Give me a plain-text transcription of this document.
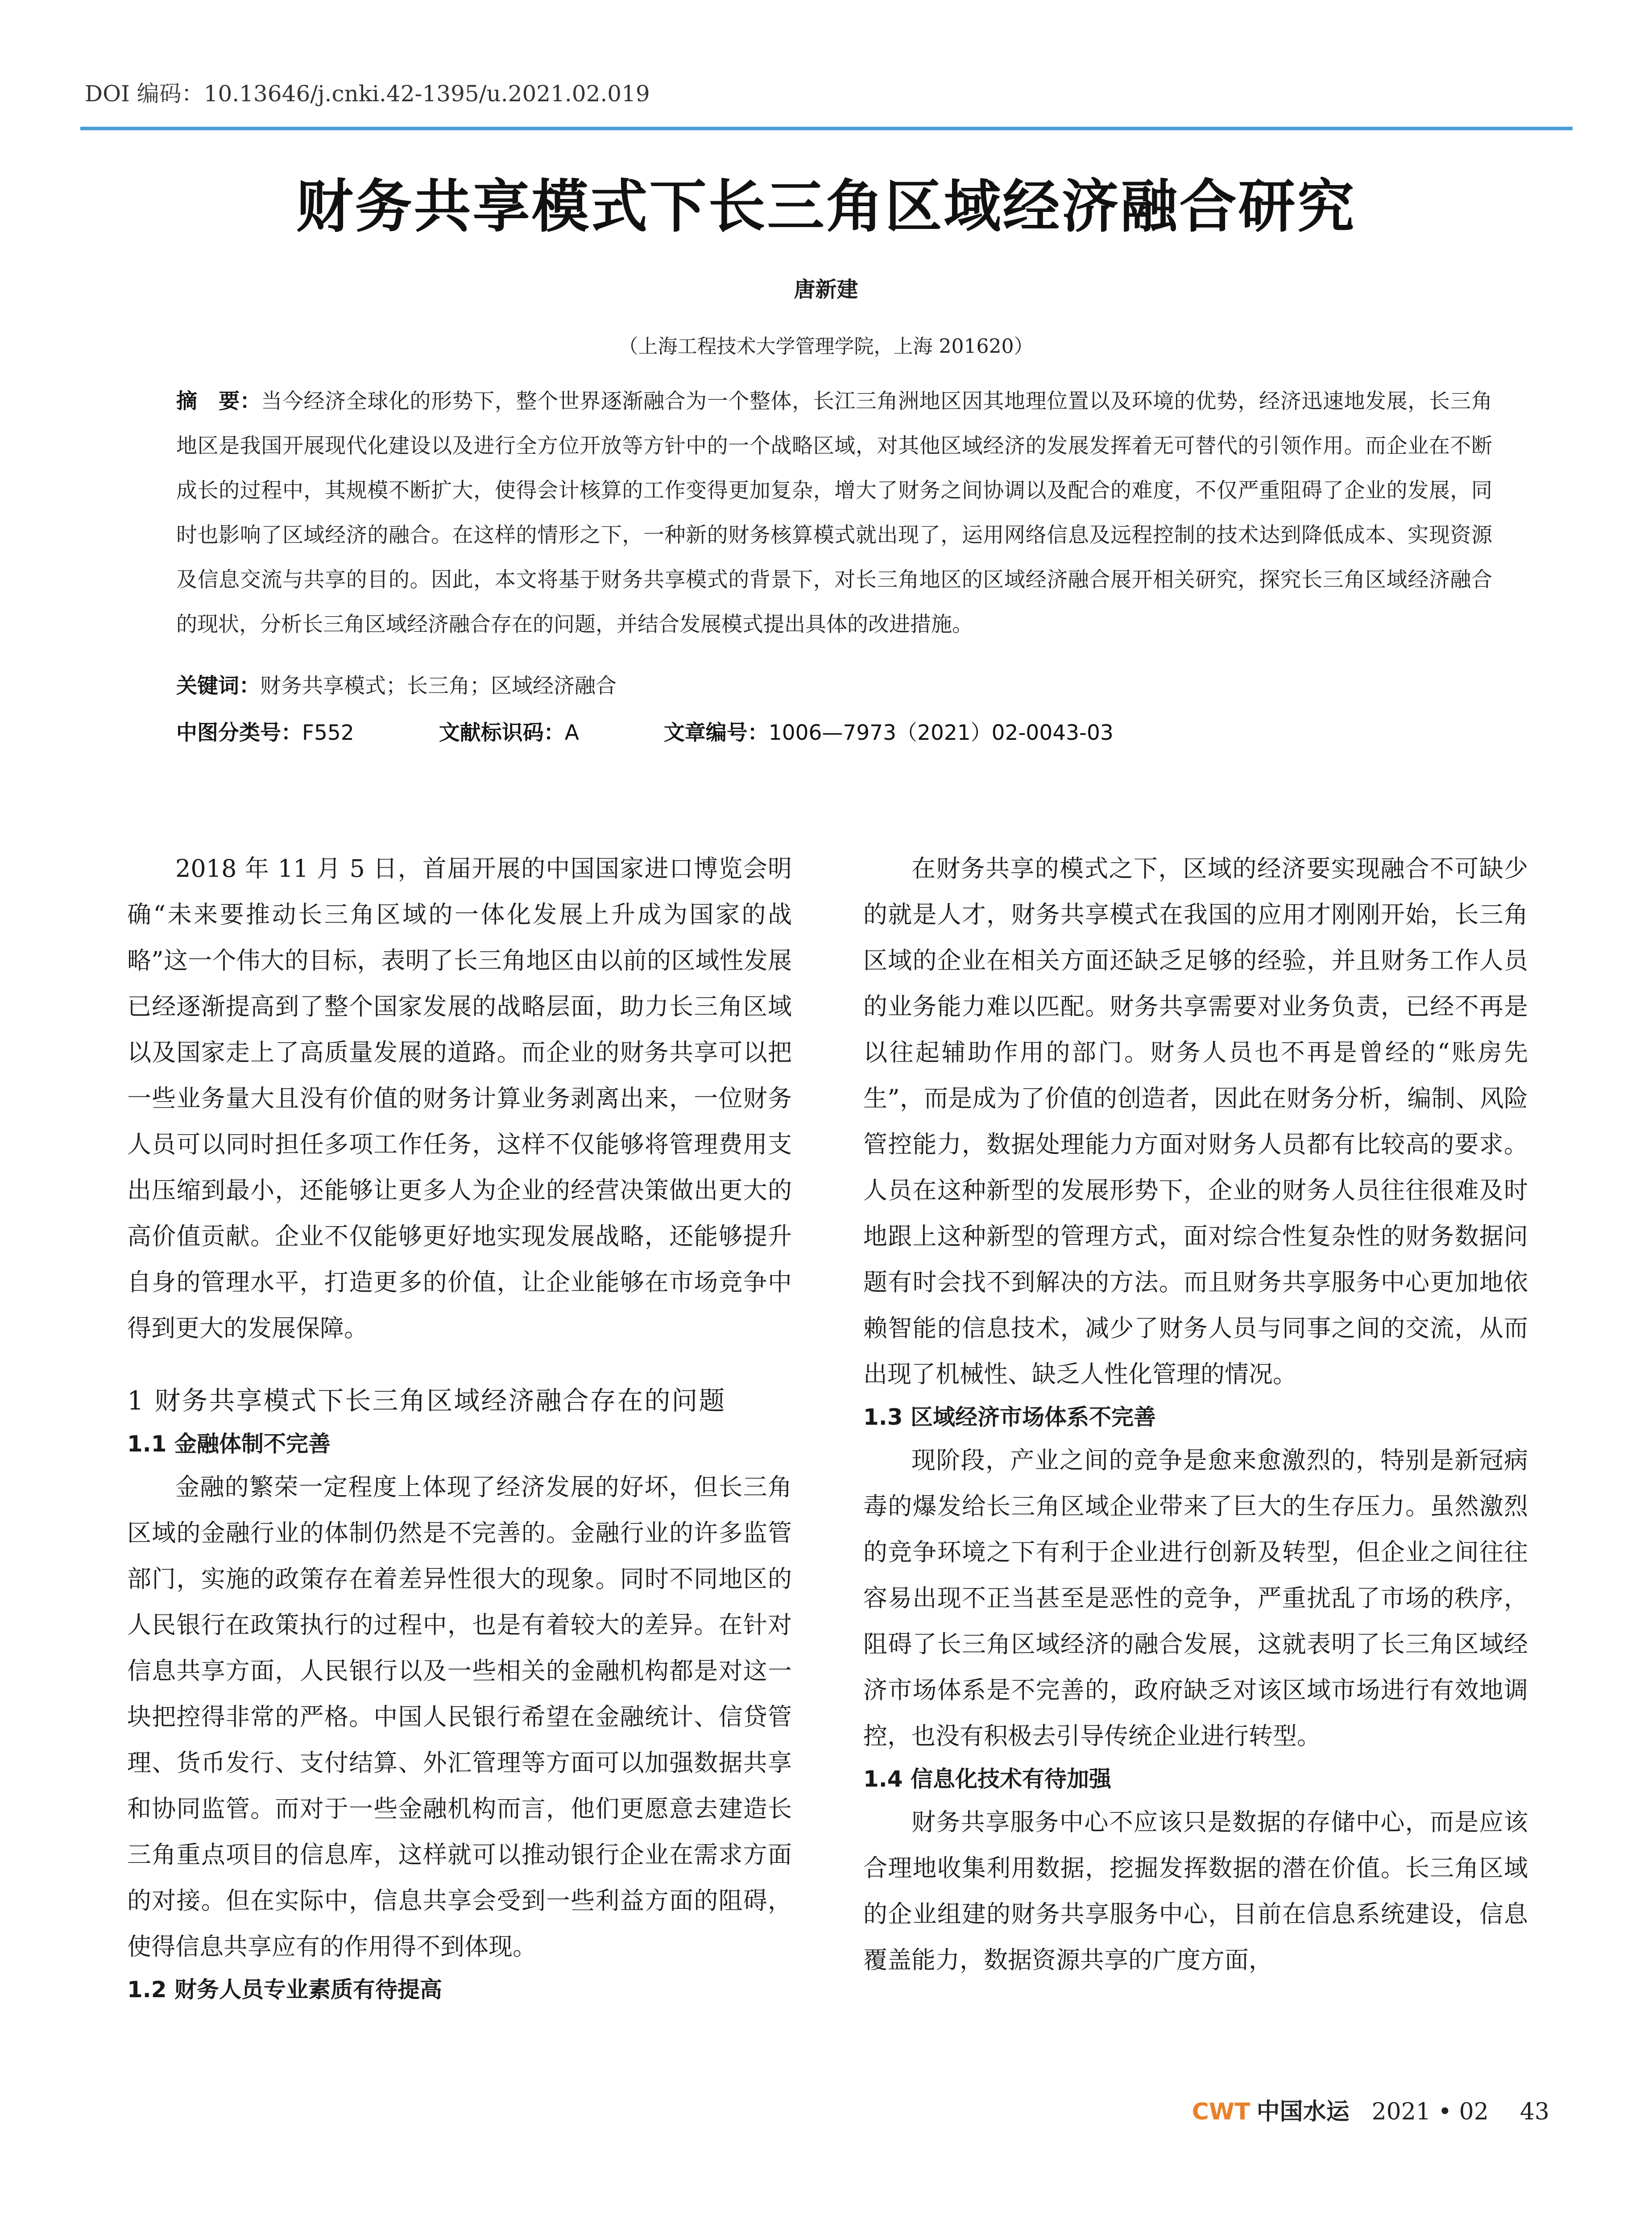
DOI 编码：10.13646/j.cnki.42-1395/u.2021.02.019
财务共享模式下长三角区域经济融合研究
唐新建
（上海工程技术大学管理学院，上海 201620）
摘　要：当今经济全球化的形势下，整个世界逐渐融合为一个整体，长江三角洲地区因其地理位置以及环境的优势，经济迅速地发展，长三角地区是我国开展现代化建设以及进行全方位开放等方针中的一个战略区域，对其他区域经济的发展发挥着无可替代的引领作用。而企业在不断成长的过程中，其规模不断扩大，使得会计核算的工作变得更加复杂，增大了财务之间协调以及配合的难度，不仅严重阻碍了企业的发展，同时也影响了区域经济的融合。在这样的情形之下，一种新的财务核算模式就出现了，运用网络信息及远程控制的技术达到降低成本、实现资源及信息交流与共享的目的。因此，本文将基于财务共享模式的背景下，对长三角地区的区域经济融合展开相关研究，探究长三角区域经济融合的现状，分析长三角区域经济融合存在的问题，并结合发展模式提出具体的改进措施。
关键词：财务共享模式；长三角；区域经济融合
中图分类号：F552	文献标识码：A	文章编号：1006—7973（2021）02-0043-03

2018 年 11 月 5 日，首届开展的中国国家进口博览会明确“未来要推动长三角区域的一体化发展上升成为国家的战略”这一个伟大的目标，表明了长三角地区由以前的区域性发展已经逐渐提高到了整个国家发展的战略层面，助力长三角区域以及国家走上了高质量发展的道路。而企业的财务共享可以把一些业务量大且没有价值的财务计算业务剥离出来，一位财务人员可以同时担任多项工作任务，这样不仅能够将管理费用支出压缩到最小，还能够让更多人为企业的经营决策做出更大的高价值贡献。企业不仅能够更好地实现发展战略，还能够提升自身的管理水平，打造更多的价值，让企业能够在市场竞争中得到更大的发展保障。

1 财务共享模式下长三角区域经济融合存在的问题
1.1 金融体制不完善

金融的繁荣一定程度上体现了经济发展的好坏，但长三角区域的金融行业的体制仍然是不完善的。金融行业的许多监管部门，实施的政策存在着差异性很大的现象。同时不同地区的人民银行在政策执行的过程中，也是有着较大的差异。在针对信息共享方面，人民银行以及一些相关的金融机构都是对这一块把控得非常的严格。中国人民银行希望在金融统计、信贷管理、货币发行、支付结算、外汇管理等方面可以加强数据共享和协同监管。而对于一些金融机构而言，他们更愿意去建造长三角重点项目的信息库，这样就可以推动银行企业在需求方面的对接。但在实际中，信息共享会受到一些利益方面的阻碍，使得信息共享应有的作用得不到体现。

1.2 财务人员专业素质有待提高

在财务共享的模式之下，区域的经济要实现融合不可缺少的就是人才，财务共享模式在我国的应用才刚刚开始，长三角区域的企业在相关方面还缺乏足够的经验，并且财务工作人员的业务能力难以匹配。财务共享需要对业务负责，已经不再是以往起辅助作用的部门。财务人员也不再是曾经的“账房先生”，而是成为了价值的创造者，因此在财务分析，编制、风险管控能力，数据处理能力方面对财务人员都有比较高的要求。人员在这种新型的发展形势下，企业的财务人员往往很难及时地跟上这种新型的管理方式，面对综合性复杂性的财务数据问题有时会找不到解决的方法。而且财务共享服务中心更加地依赖智能的信息技术，减少了财务人员与同事之间的交流，从而出现了机械性、缺乏人性化管理的情况。

1.3 区域经济市场体系不完善

现阶段，产业之间的竞争是愈来愈激烈的，特别是新冠病毒的爆发给长三角区域企业带来了巨大的生存压力。虽然激烈的竞争环境之下有利于企业进行创新及转型，但企业之间往往容易出现不正当甚至是恶性的竞争，严重扰乱了市场的秩序，阻碍了长三角区域经济的融合发展，这就表明了长三角区域经济市场体系是不完善的，政府缺乏对该区域市场进行有效地调控，也没有积极去引导传统企业进行转型。

1.4 信息化技术有待加强

财务共享服务中心不应该只是数据的存储中心，而是应该合理地收集利用数据，挖掘发挥数据的潜在价值。长三角区域的企业组建的财务共享服务中心，目前在信息系统建设，信息覆盖能力，数据资源共享的广度方面，

CWT 中国水运 2021 • 02 43
